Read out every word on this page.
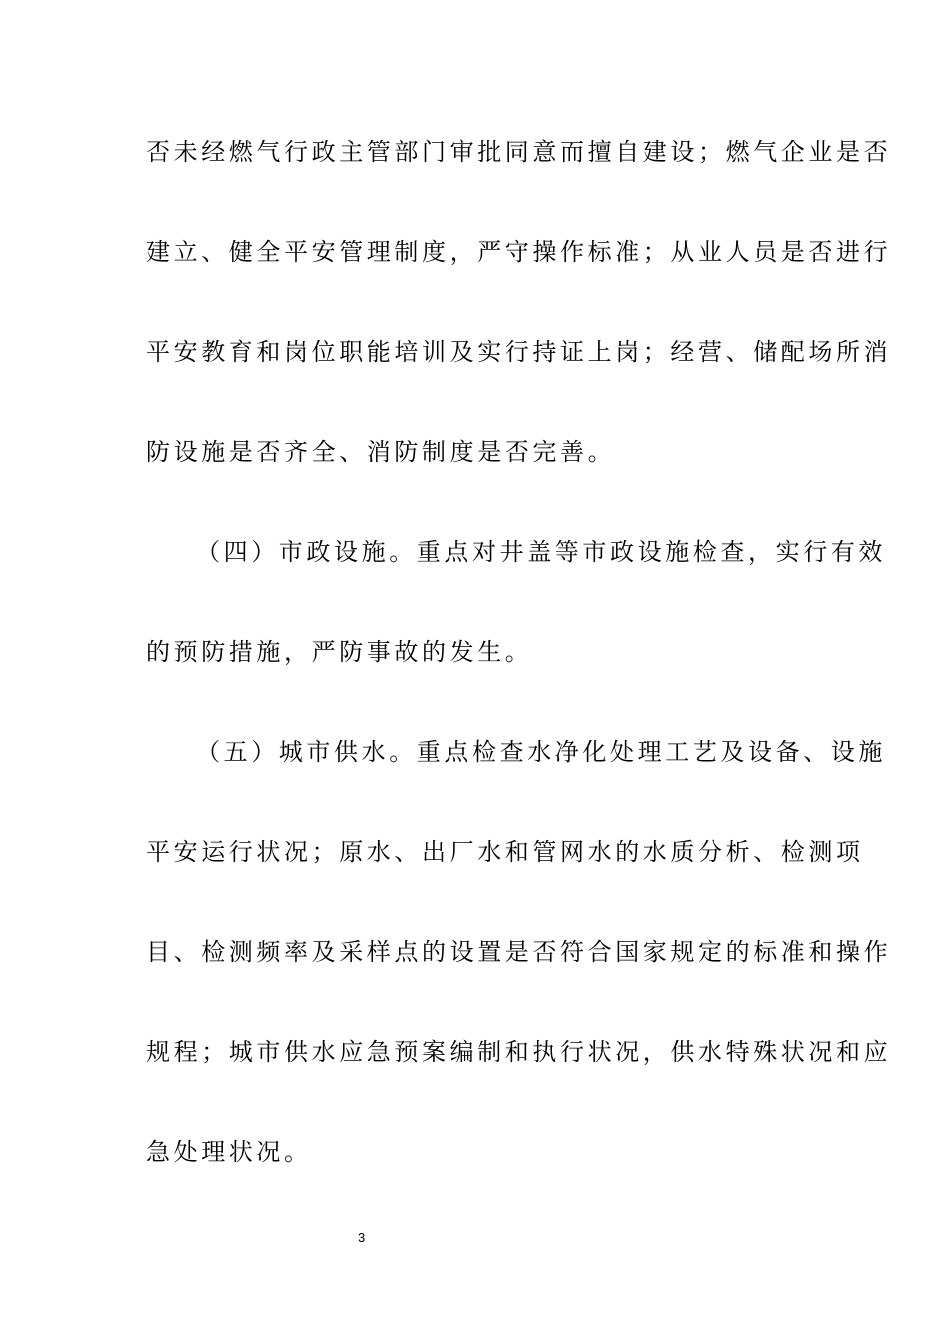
否未经燃气行政主管部门审批同意而擅自建设；燃气企业是否
建立、健全平安管理制度，严守操作标准；从业人员是否进行
平安教育和岗位职能培训及实行持证上岗；经营、储配场所消
防设施是否齐全、消防制度是否完善。
（四）市政设施。重点对井盖等市政设施检查，实行有效
的预防措施，严防事故的发生。
（五）城市供水。重点检查水净化处理工艺及设备、设施
平安运行状况；原水、出厂水和管网水的水质分析、检测项
目、检测频率及采样点的设置是否符合国家规定的标准和操作
规程；城市供水应急预案编制和执行状况，供水特殊状况和应
急处理状况。
3
